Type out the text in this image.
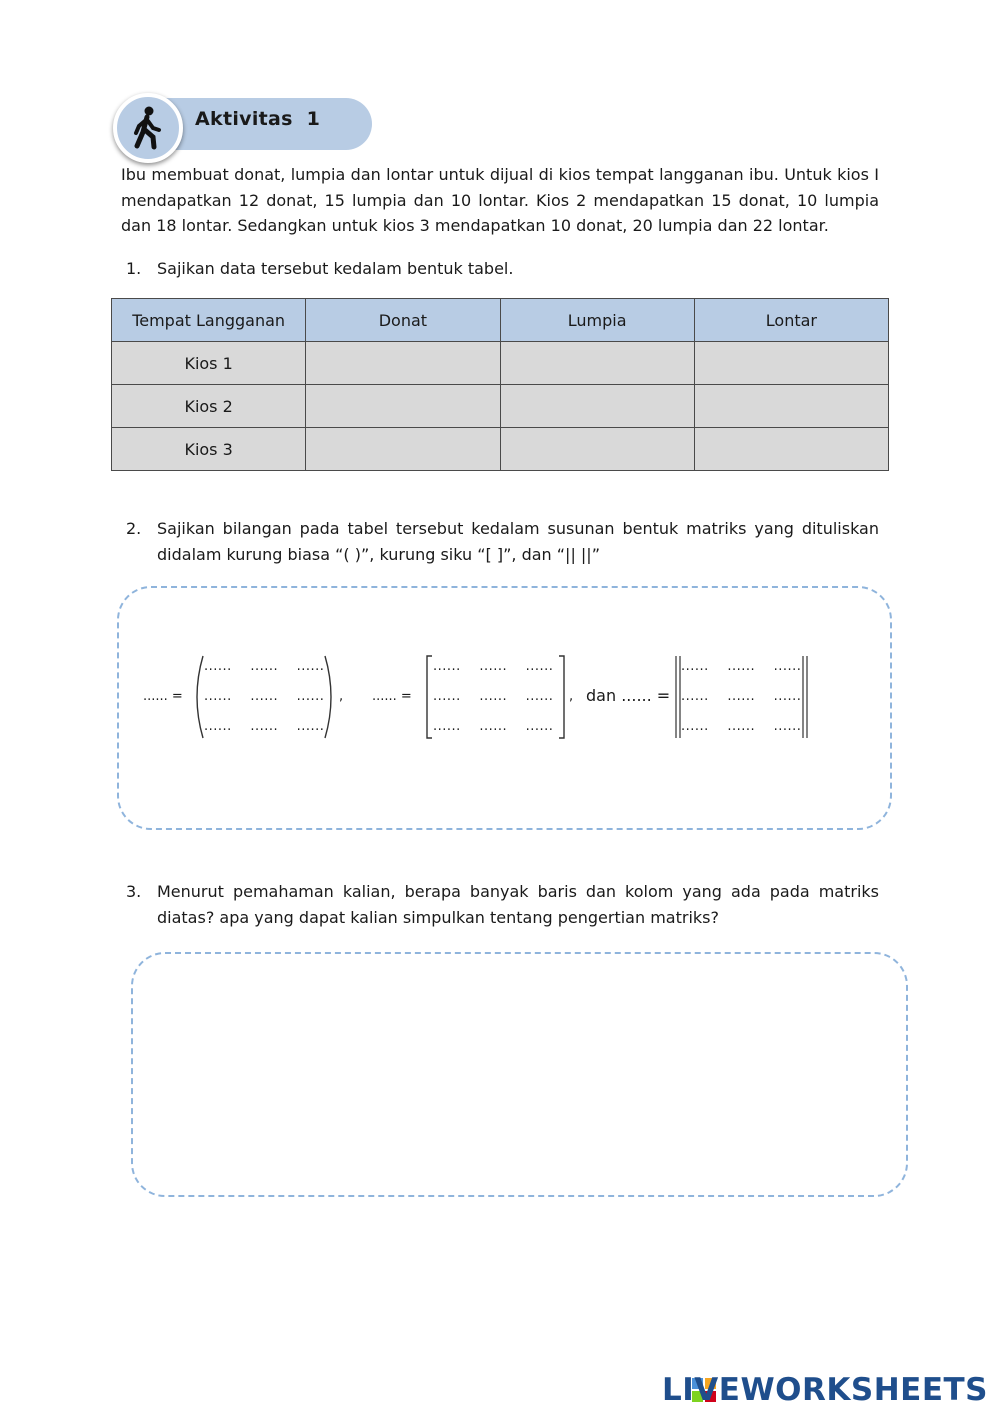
Aktivitas 1
Ibu membuat donat, lumpia dan lontar untuk dijual di kios tempat langganan ibu. Untuk kios I mendapatkan 12 donat, 15 lumpia dan 10 lontar. Kios 2 mendapatkan 15 donat, 10 lumpia dan 18 lontar. Sedangkan untuk kios 3 mendapatkan 10 donat, 20 lumpia dan 22 lontar.
1. Sajikan data tersebut kedalam bentuk tabel.
Tempat Langganan	Donat	Lumpia	Lontar
Kios 1			
Kios 2			
Kios 3			
2. Sajikan bilangan pada tabel tersebut kedalam susunan bentuk matriks yang dituliskan didalam kurung biasa “( )”, kurung siku “[ ]”, dan “|| ||”
...... =
......    ......    ......
......    ......    ......
......    ......    ......
, ...... =
......    ......    ......
......    ......    ......
......    ......    ......
, dan ...... =
......    ......    ......
......    ......    ......
......    ......    ......
3. Menurut pemahaman kalian, berapa banyak baris dan kolom yang ada pada matriks diatas? apa yang dapat kalian simpulkan tentang pengertian matriks?
LIVEWORKSHEETS
